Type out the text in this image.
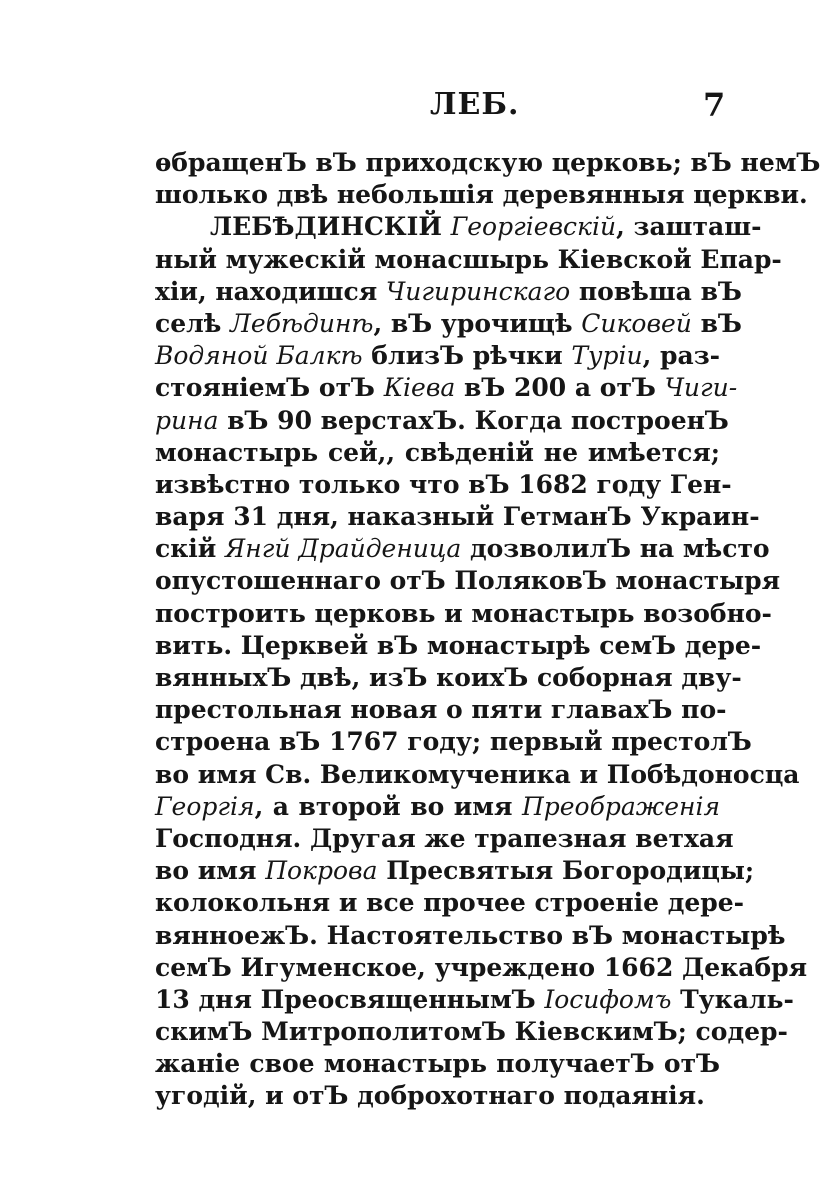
ЛЕБ.	7
ѳбращенЪ вЪ приходскую церковь; вЪ немЪ
шолько двѣ небольшія деревянныя церкви.
ЛЕБѢДИНСКІЙ Георгіевскій, зашташ-
ный мужескій монасшырь Кіевской Епар-
хіи, находишся Чигиринскаго повѣша вЪ
селѣ Лебѣдинѣ, вЪ урочищѣ Сиковей вЪ
Водяной Балкѣ близЪ рѣчки Туріи, раз-
стояніемЪ отЪ Кіева вЪ 200 а отЪ Чиги-
рина вЪ 90 верстахЪ. Когда построенЪ
монастырь сей,, свѣденій не имѣется;
извѣстно только что вЪ 1682 году Ген-
варя 31 дня, наказный ГетманЪ Украин-
скій Янгй Драйденица дозволилЪ на мѣсто
опустошеннаго отЪ ПоляковЪ монастыря
построить церковь и монастырь возобно-
вить. Церквей вЪ монастырѣ семЪ дере-
вянныхЪ двѣ, изЪ коихЪ соборная дву-
престольная новая о пяти главахЪ по-
строена вЪ 1767 году; первый престолЪ
во имя Св. Великомученика и Побѣдоносца
Георгія, а второй во имя Преображенія
Господня. Другая же трапезная ветхая
во имя Покрова Пресвятыя Богородицы;
колокольня и все прочее строеніе дере-
вянноежЪ. Настоятельство вЪ монастырѣ
семЪ Игуменское, учреждено 1662 Декабря
13 дня ПреосвященнымЪ Іосифомъ Тукаль-
скимЪ МитрополитомЪ КіевскимЪ; содер-
жаніе свое монастырь получаетЪ отЪ
угодій, и отЪ доброхотнаго подаянія.
